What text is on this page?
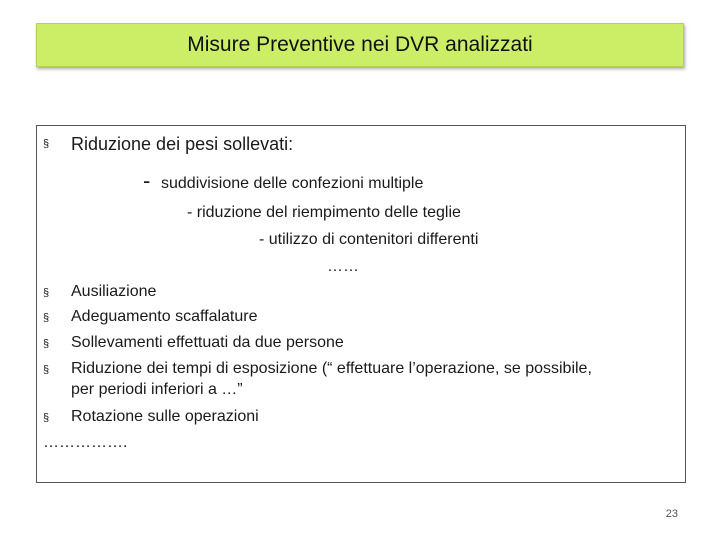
Misure Preventive nei DVR analizzati
§ Riduzione dei pesi sollevati:
- suddivisione delle confezioni multiple
- riduzione del riempimento delle teglie
- utilizzo di contenitori differenti
……
§ Ausiliazione
§ Adeguamento scaffalature
§ Sollevamenti effettuati da due persone
§ Riduzione dei tempi di esposizione (“ effettuare l’operazione, se possibile,
per periodi inferiori a …”
§ Rotazione sulle operazioni
…………….
23
